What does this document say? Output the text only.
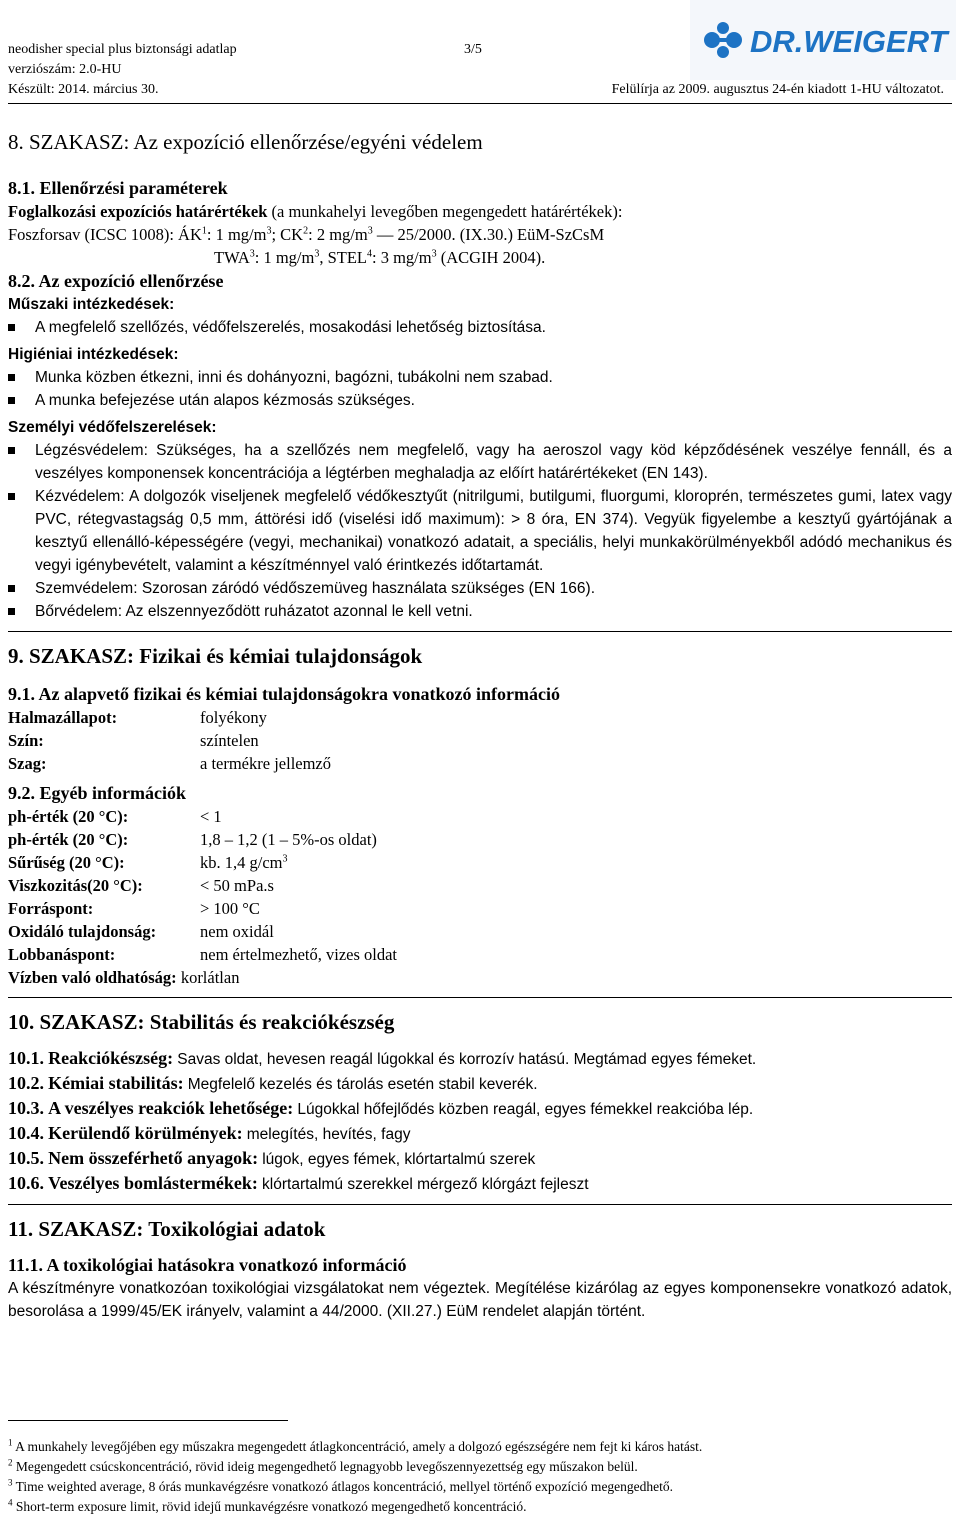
neodisher special plus biztonsági adatlap	3/5
verziószám: 2.0-HU
Készült: 2014. március 30.	Felülírja az 2009. augusztus 24-én kiadott 1-HU változatot.
DR.WEIGERT
8. SZAKASZ: Az expozíció ellenőrzése/egyéni védelem
8.1. Ellenőrzési paraméterek
Foglalkozási expozíciós határértékek (a munkahelyi levegőben megengedett határértékek):
Foszforsav (ICSC 1008): $ÁK^1$: 1 $mg/m^3$; $CK^2$: 2 $mg/m^3$ — 25/2000. (IX.30.) EüM-SzCsM
TWA$^3$: 1 $mg/m^3$, STEL$^4$: 3 $mg/m^3$ (ACGIH 2004).
8.2. Az expozíció ellenőrzése
Műszaki intézkedések:
A megfelelő szellőzés, védőfelszerelés, mosakodási lehetőség biztosítása.
Higiéniai intézkedések:
Munka közben étkezni, inni és dohányozni, bagózni, tubákolni nem szabad.
A munka befejezése után alapos kézmosás szükséges.
Személyi védőfelszerelések:
Légzésvédelem: Szükséges, ha a szellőzés nem megfelelő, vagy ha aeroszol vagy köd képződésének veszélye fennáll, és a veszélyes komponensek koncentrációja a légtérben meghaladja az előírt határértékeket (EN 143).
Kézvédelem: A dolgozók viseljenek megfelelő védőkesztyűt (nitrilgumi, butilgumi, fluorgumi, kloroprén, természetes gumi, latex vagy PVC, rétegvastagság 0,5 mm, áttörési idő (viselési idő maximum): > 8 óra, EN 374). Vegyük figyelembe a kesztyű gyártójának a kesztyű ellenálló-képességére (vegyi, mechanikai) vonatkozó adatait, a speciális, helyi munkakörülményekből adódó mechanikus és vegyi igénybevételt, valamint a készítménnyel való érintkezés időtartamát.
Szemvédelem: Szorosan záródó védőszemüveg használata szükséges (EN 166).
Bőrvédelem: Az elszennyeződött ruházatot azonnal le kell vetni.
9. SZAKASZ: Fizikai és kémiai tulajdonságok
9.1. Az alapvető fizikai és kémiai tulajdonságokra vonatkozó információ
Halmazállapot:	folyékony
Szín:	színtelen
Szag:	a termékre jellemző
9.2. Egyéb információk
ph-érték (20 °C):	< 1
ph-érték (20 °C):	1,8 – 1,2 (1 – 5%-os oldat)
Sűrűség (20 °C):	kb. 1,4 $g/cm^3$
Viszkozitás(20 °C):	< 50 mPa.s
Forráspont:	> 100 °C
Oxidáló tulajdonság:	nem oxidál
Lobbanáspont:	nem értelmezhető, vizes oldat
Vízben való oldhatóság: korlátlan
10. SZAKASZ: Stabilitás és reakciókészség
10.1. Reakciókészség: Savas oldat, hevesen reagál lúgokkal és korrozív hatású. Megtámad egyes fémeket.
10.2. Kémiai stabilitás: Megfelelő kezelés és tárolás esetén stabil keverék.
10.3. A veszélyes reakciók lehetősége: Lúgokkal hőfejlődés közben reagál, egyes fémekkel reakcióba lép.
10.4. Kerülendő körülmények: melegítés, hevítés, fagy
10.5. Nem összeférhető anyagok: lúgok, egyes fémek, klórtartalmú szerek
10.6. Veszélyes bomlástermékek: klórtartalmú szerekkel mérgező klórgázt fejleszt
11. SZAKASZ: Toxikológiai adatok
11.1. A toxikológiai hatásokra vonatkozó információ
A készítményre vonatkozóan toxikológiai vizsgálatokat nem végeztek. Megítélése kizárólag az egyes komponensekre vonatkozó adatok, besorolása a 1999/45/EK irányelv, valamint a 44/2000. (XII.27.) EüM rendelet alapján történt.
$^1$ A munkahely levegőjében egy műszakra megengedett átlagkoncentráció, amely a dolgozó egészségére nem fejt ki káros hatást.
$^2$ Megengedett csúcskoncentráció, rövid ideig megengedhető legnagyobb levegőszennyezettség egy műszakon belül.
$^3$ Time weighted average, 8 órás munkavégzésre vonatkozó átlagos koncentráció, mellyel történő expozíció megengedhető.
$^4$ Short-term exposure limit, rövid idejű munkavégzésre vonatkozó megengedhető koncentráció.
